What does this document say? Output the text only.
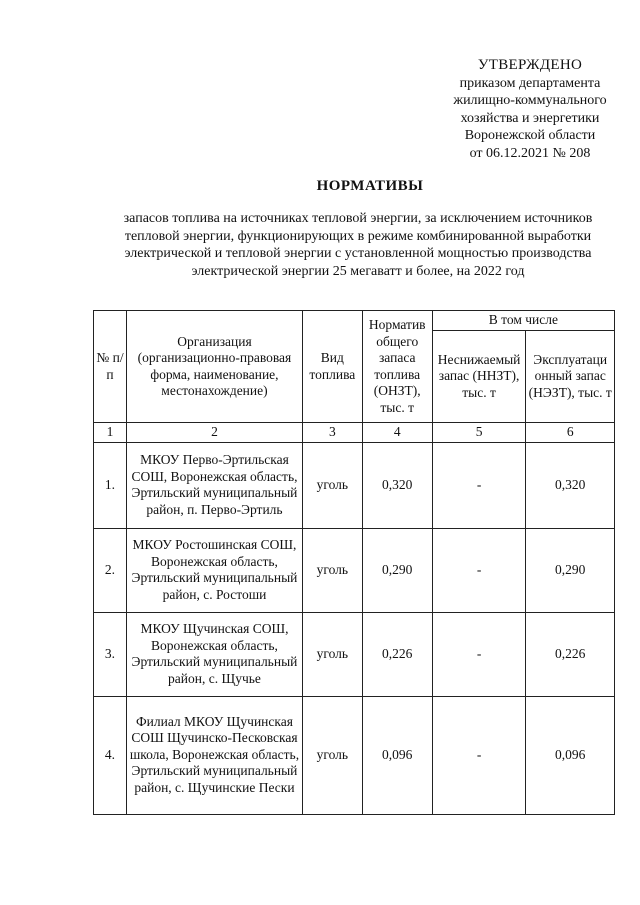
УТВЕРЖДЕНО
приказом департамента
жилищно-коммунального
хозяйства и энергетики
Воронежской области
от 06.12.2021 № 208
НОРМАТИВЫ
запасов топлива на источниках тепловой энергии, за исключением источников тепловой энергии, функционирующих в режиме комбинированной выработки электрической и тепловой энергии с установленной мощностью производства электрической энергии 25 мегаватт и более, на 2022 год
№ п/п	Организация (организационно-правовая форма, наименование, местонахождение)	Вид топлива	Норматив общего запаса топлива (ОНЗТ), тыс. т	В том числе	
				Неснижаемый запас (ННЗТ), тыс. т	Эксплуатаци онный запас (НЭЗТ), тыс. т
1	2	3	4	5	6
1.	МКОУ Перво-Эртильская СОШ, Воронежская область, Эртильский муниципальный район, п. Перво-Эртиль	уголь	0,320	-	0,320
2.	МКОУ Ростошинская СОШ, Воронежская область, Эртильский муниципальный район, с. Ростоши	уголь	0,290	-	0,290
3.	МКОУ Щучинская СОШ, Воронежская область, Эртильский муниципальный район, с. Щучье	уголь	0,226	-	0,226
4.	Филиал МКОУ Щучинская СОШ Щучинско-Песковская школа, Воронежская область, Эртильский муниципальный район, с. Щучинские Пески	уголь	0,096	-	0,096
